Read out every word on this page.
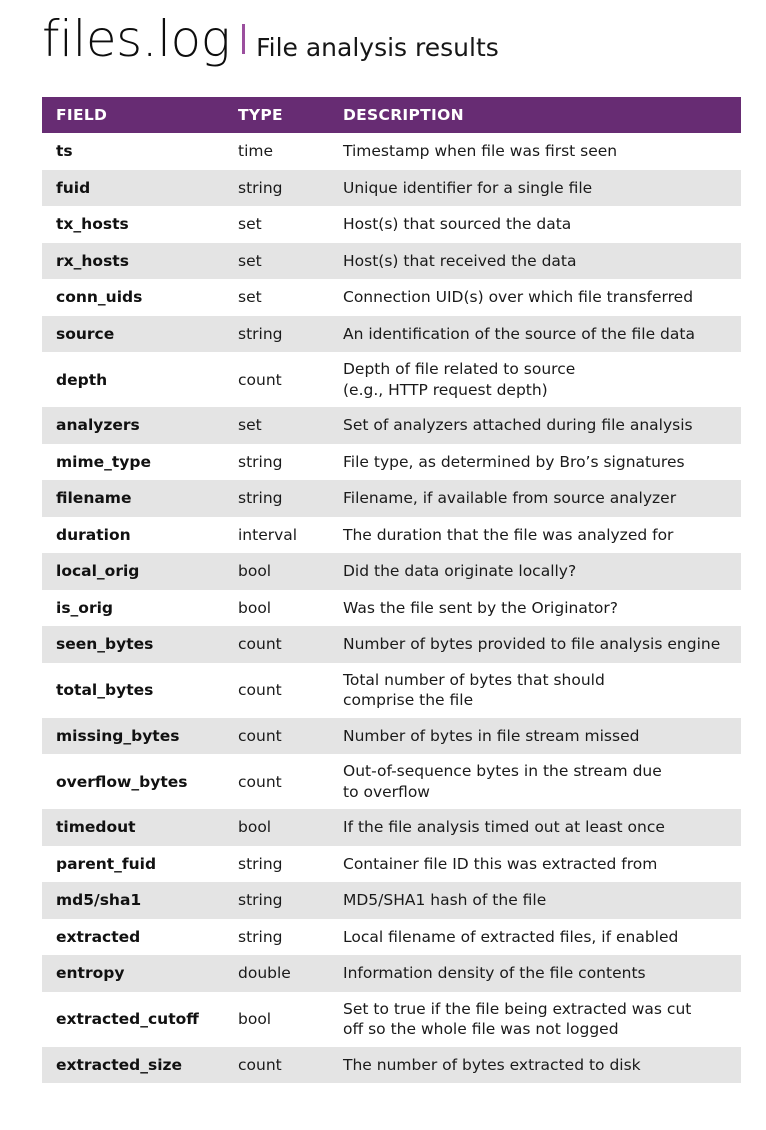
files.log File analysis results
FIELD	TYPE	DESCRIPTION
ts	time	Timestamp when file was first seen
fuid	string	Unique identifier for a single file
tx_hosts	set	Host(s) that sourced the data
rx_hosts	set	Host(s) that received the data
conn_uids	set	Connection UID(s) over which file transferred
source	string	An identification of the source of the file data
depth	count
Depth of file related to source
(e.g., HTTP request depth)
analyzers	set	Set of analyzers attached during file analysis
mime_type	string	File type, as determined by Bro’s signatures
filename	string	Filename, if available from source analyzer
duration	interval	The duration that the file was analyzed for
local_orig	bool	Did the data originate locally?
is_orig	bool	Was the file sent by the Originator?
seen_bytes	count	Number of bytes provided to file analysis engine
total_bytes	count
Total number of bytes that should
comprise the file
missing_bytes	count	Number of bytes in file stream missed
overflow_bytes	count
Out-of-sequence bytes in the stream due
to overflow
timedout	bool	If the file analysis timed out at least once
parent_fuid	string	Container file ID this was extracted from
md5/sha1	string	MD5/SHA1 hash of the file
extracted	string	Local filename of extracted files, if enabled
entropy	double	Information density of the file contents
extracted_cutoff	bool
Set to true if the file being extracted was cut
off so the whole file was not logged
extracted_size	count	The number of bytes extracted to disk
